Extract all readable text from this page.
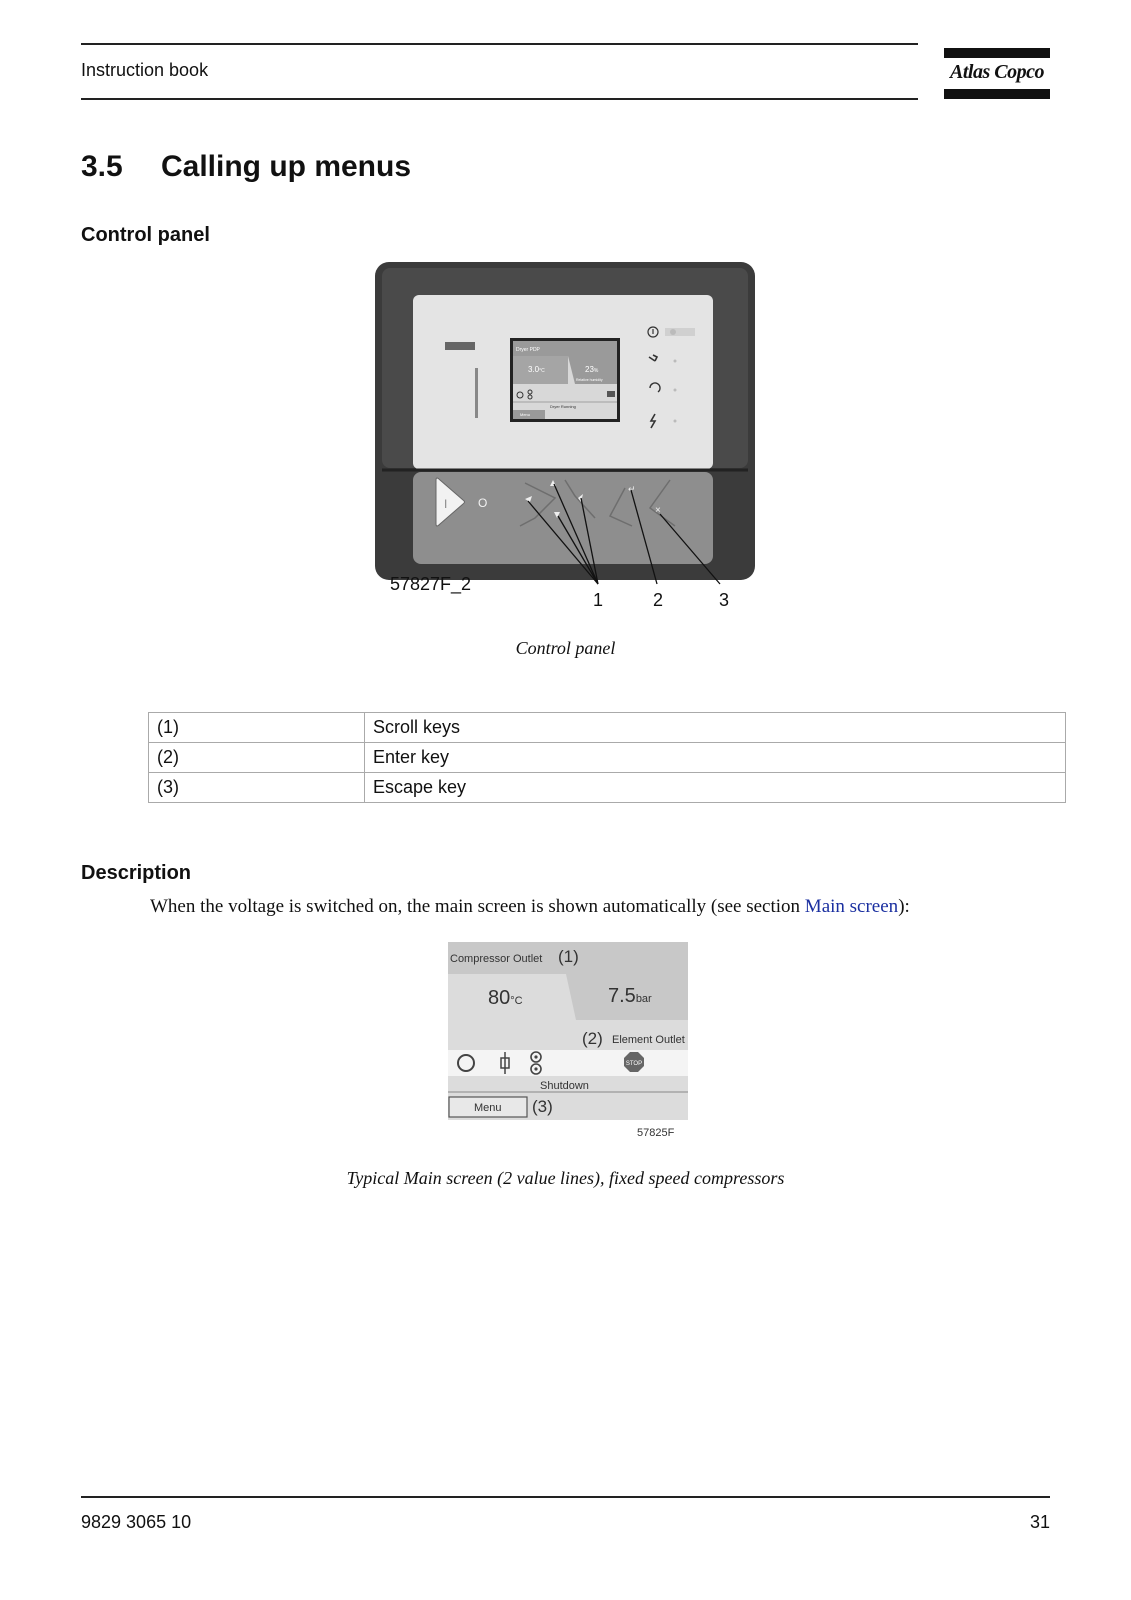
Instruction book	Atlas Copco
3.5 Calling up menus
Control panel
Dryer PDP
3.0°C	23%
Relative humidity
Dryer Running
Menu
I	O
↵
×
57827F_2
1	2	3
Control panel
(1)	Scroll keys
(2)	Enter key
(3)	Escape key
Description
When the voltage is switched on, the main screen is shown automatically (see section Main screen):
Compressor Outlet (1)
80°C	7.5bar
(2) Element Outlet
STOP
Shutdown
Menu (3)
57825F
Typical Main screen (2 value lines), fixed speed compressors
9829 3065 10	31
